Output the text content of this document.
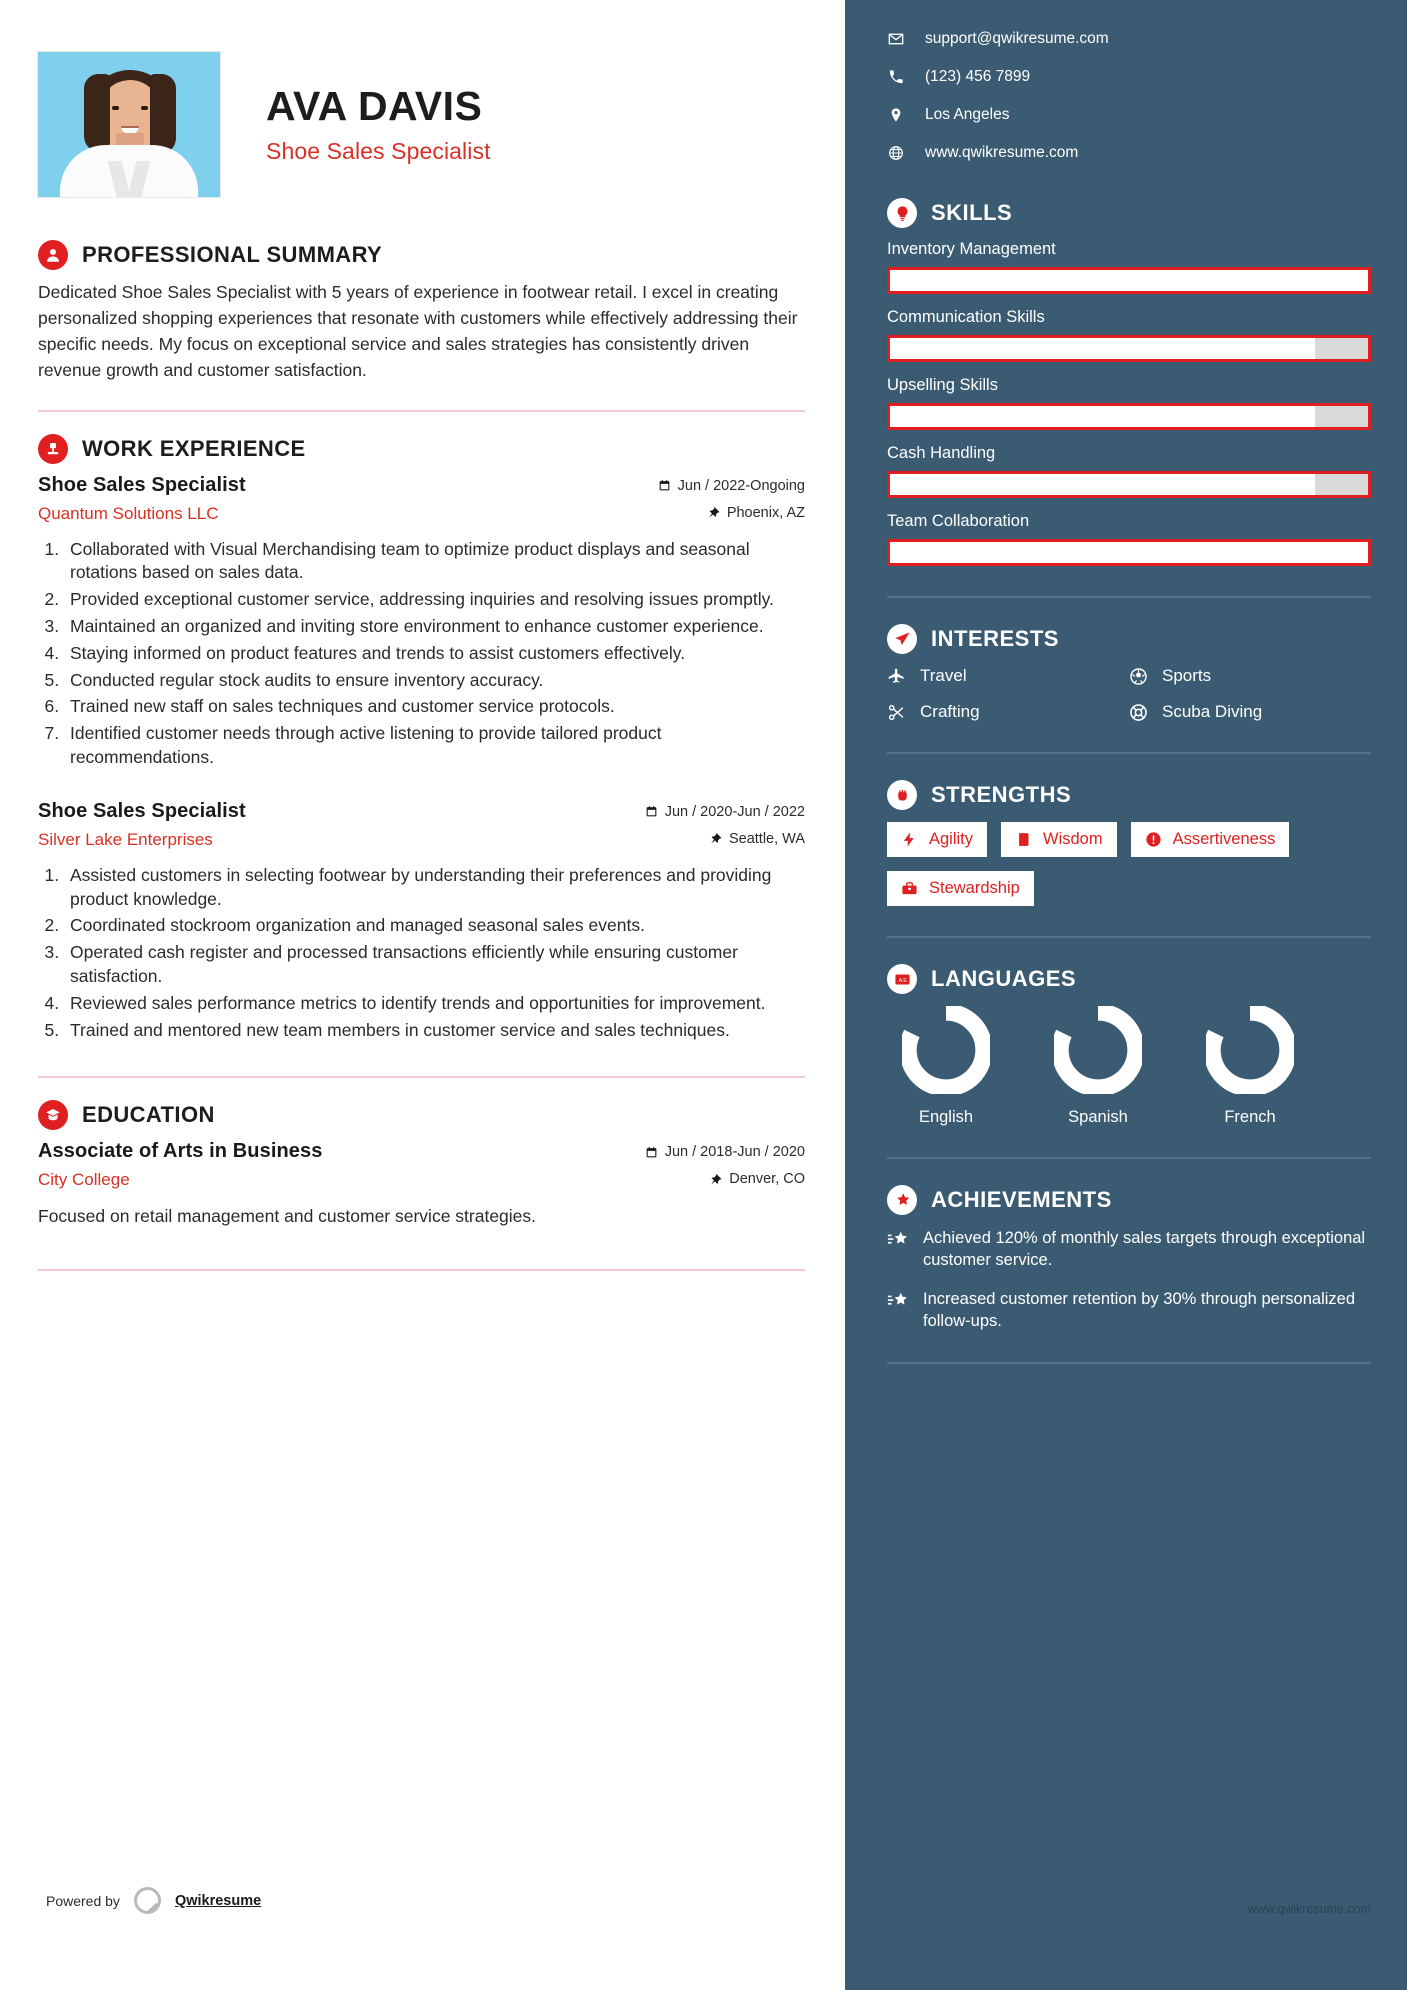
AVA DAVIS
Shoe Sales Specialist
PROFESSIONAL SUMMARY
Dedicated Shoe Sales Specialist with 5 years of experience in footwear retail. I excel in creating personalized shopping experiences that resonate with customers while effectively addressing their specific needs. My focus on exceptional service and sales strategies has consistently driven revenue growth and customer satisfaction.
WORK EXPERIENCE
Shoe Sales Specialist
Quantum Solutions LLC
Jun / 2022-Ongoing
Phoenix, AZ
1. Collaborated with Visual Merchandising team to optimize product displays and seasonal rotations based on sales data.
2. Provided exceptional customer service, addressing inquiries and resolving issues promptly.
3. Maintained an organized and inviting store environment to enhance customer experience.
4. Staying informed on product features and trends to assist customers effectively.
5. Conducted regular stock audits to ensure inventory accuracy.
6. Trained new staff on sales techniques and customer service protocols.
7. Identified customer needs through active listening to provide tailored product recommendations.
Shoe Sales Specialist
Silver Lake Enterprises
Jun / 2020-Jun / 2022
Seattle, WA
1. Assisted customers in selecting footwear by understanding their preferences and providing product knowledge.
2. Coordinated stockroom organization and managed seasonal sales events.
3. Operated cash register and processed transactions efficiently while ensuring customer satisfaction.
4. Reviewed sales performance metrics to identify trends and opportunities for improvement.
5. Trained and mentored new team members in customer service and sales techniques.
EDUCATION
Associate of Arts in Business
City College
Jun / 2018-Jun / 2020
Denver, CO
Focused on retail management and customer service strategies.
Powered by	Qwikresume
support@qwikresume.com
(123) 456 7899
Los Angeles
www.qwikresume.com
SKILLS
Inventory Management
Communication Skills
Upselling Skills
Cash Handling
Team Collaboration
INTERESTS
Travel	Sports
Crafting	Scuba Diving
STRENGTHS
Agility	Wisdom	Assertiveness
Stewardship
A E LANGUAGES
English	Spanish	French
ACHIEVEMENTS
Achieved 120% of monthly sales targets through exceptional customer service.
Increased customer retention by 30% through personalized follow-ups.
www.qwikresume.com
